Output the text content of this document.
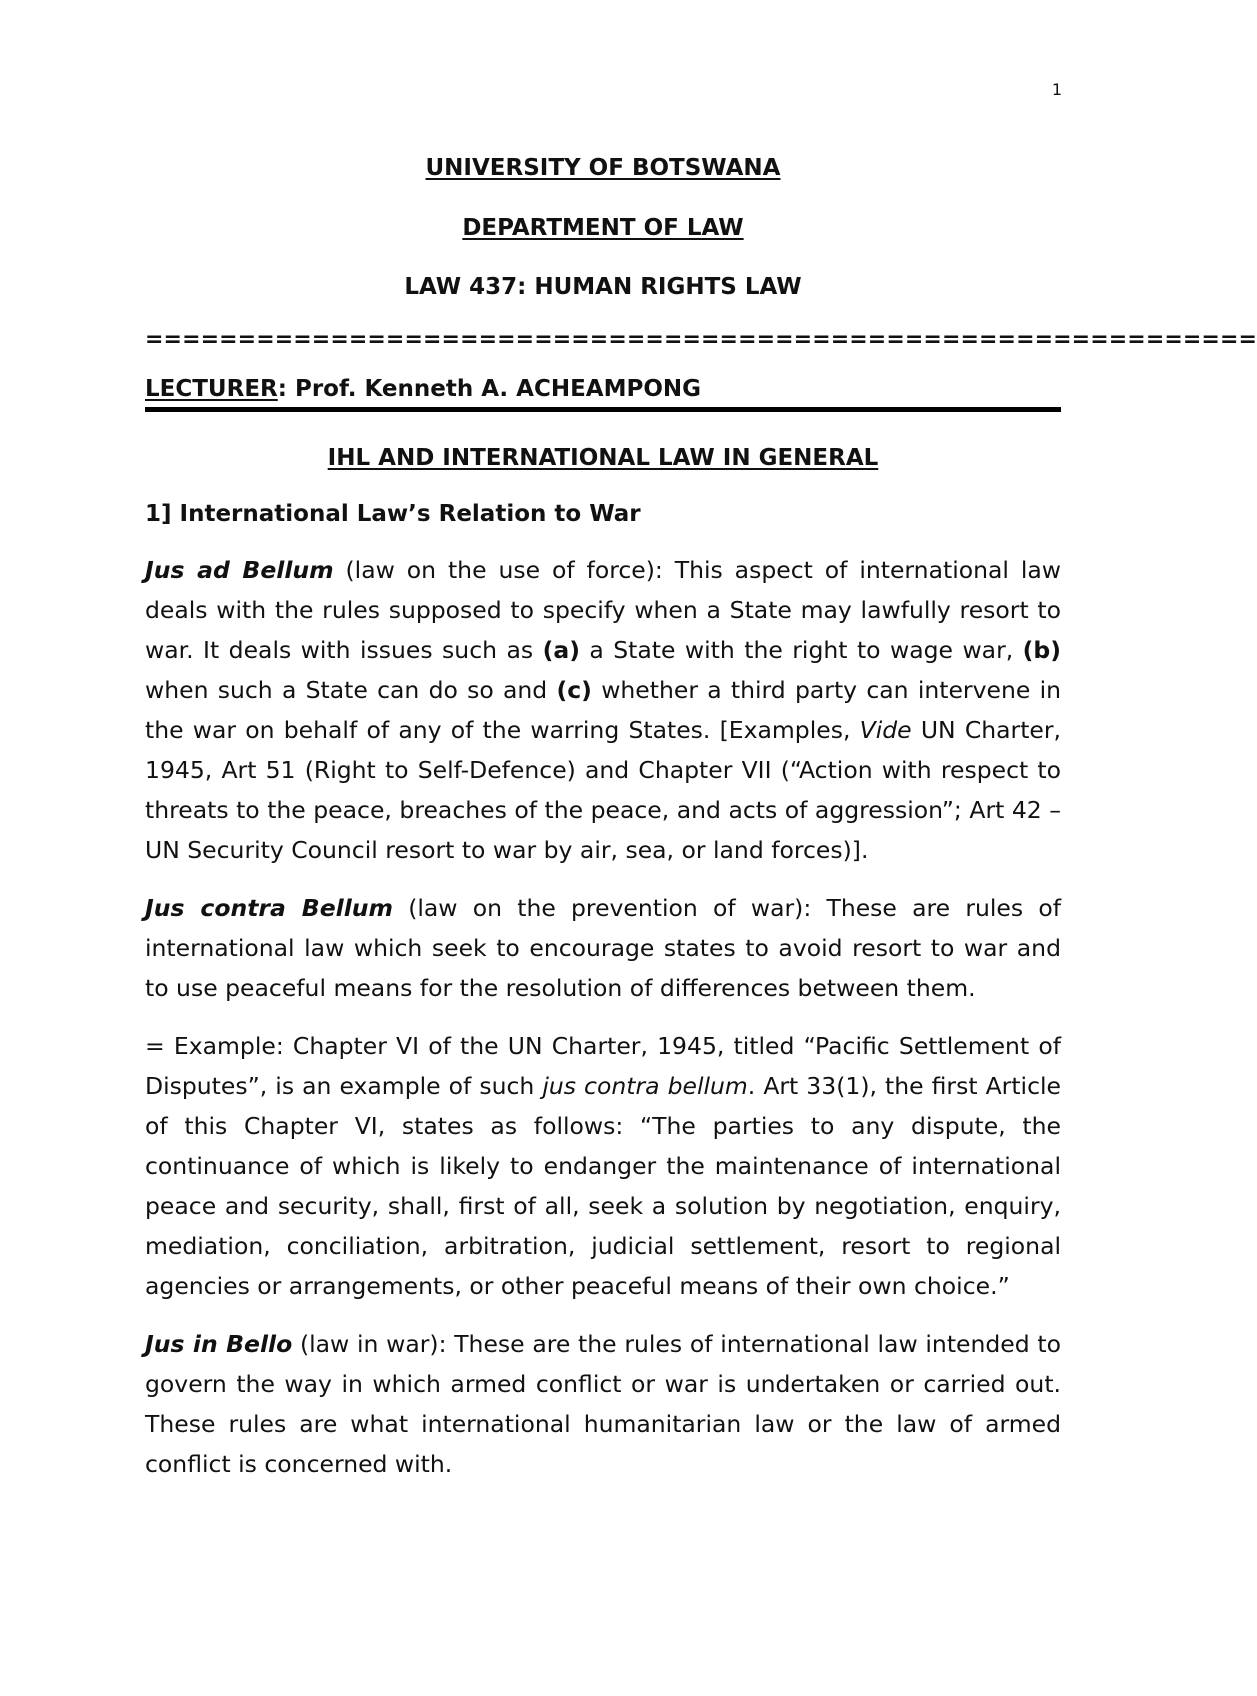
1
UNIVERSITY OF BOTSWANA
DEPARTMENT OF LAW
LAW 437: HUMAN RIGHTS LAW
============================================================
LECTURER: Prof. Kenneth A. ACHEAMPONG
IHL AND INTERNATIONAL LAW IN GENERAL
1] International Law’s Relation to War

Jus ad Bellum (law on the use of force): This aspect of international law deals with the rules supposed to specify when a State may lawfully resort to war. It deals with issues such as (a) a State with the right to wage war, (b) when such a State can do so and (c) whether a third party can intervene in the war on behalf of any of the warring States. [Examples, Vide UN Charter, 1945, Art 51 (Right to Self-Defence) and Chapter VII (“Action with respect to threats to the peace, breaches of the peace, and acts of aggression”; Art 42 – UN Security Council resort to war by air, sea, or land forces)].

Jus contra Bellum (law on the prevention of war): These are rules of international law which seek to encourage states to avoid resort to war and to use peaceful means for the resolution of differences between them.

= Example: Chapter VI of the UN Charter, 1945, titled “Pacific Settlement of Disputes”, is an example of such jus contra bellum. Art 33(1), the first Article of this Chapter VI, states as follows: “The parties to any dispute, the continuance of which is likely to endanger the maintenance of international peace and security, shall, first of all, seek a solution by negotiation, enquiry, mediation, conciliation, arbitration, judicial settlement, resort to regional agencies or arrangements, or other peaceful means of their own choice.”

Jus in Bello (law in war): These are the rules of international law intended to govern the way in which armed conflict or war is undertaken or carried out. These rules are what international humanitarian law or the law of armed conflict is concerned with.
